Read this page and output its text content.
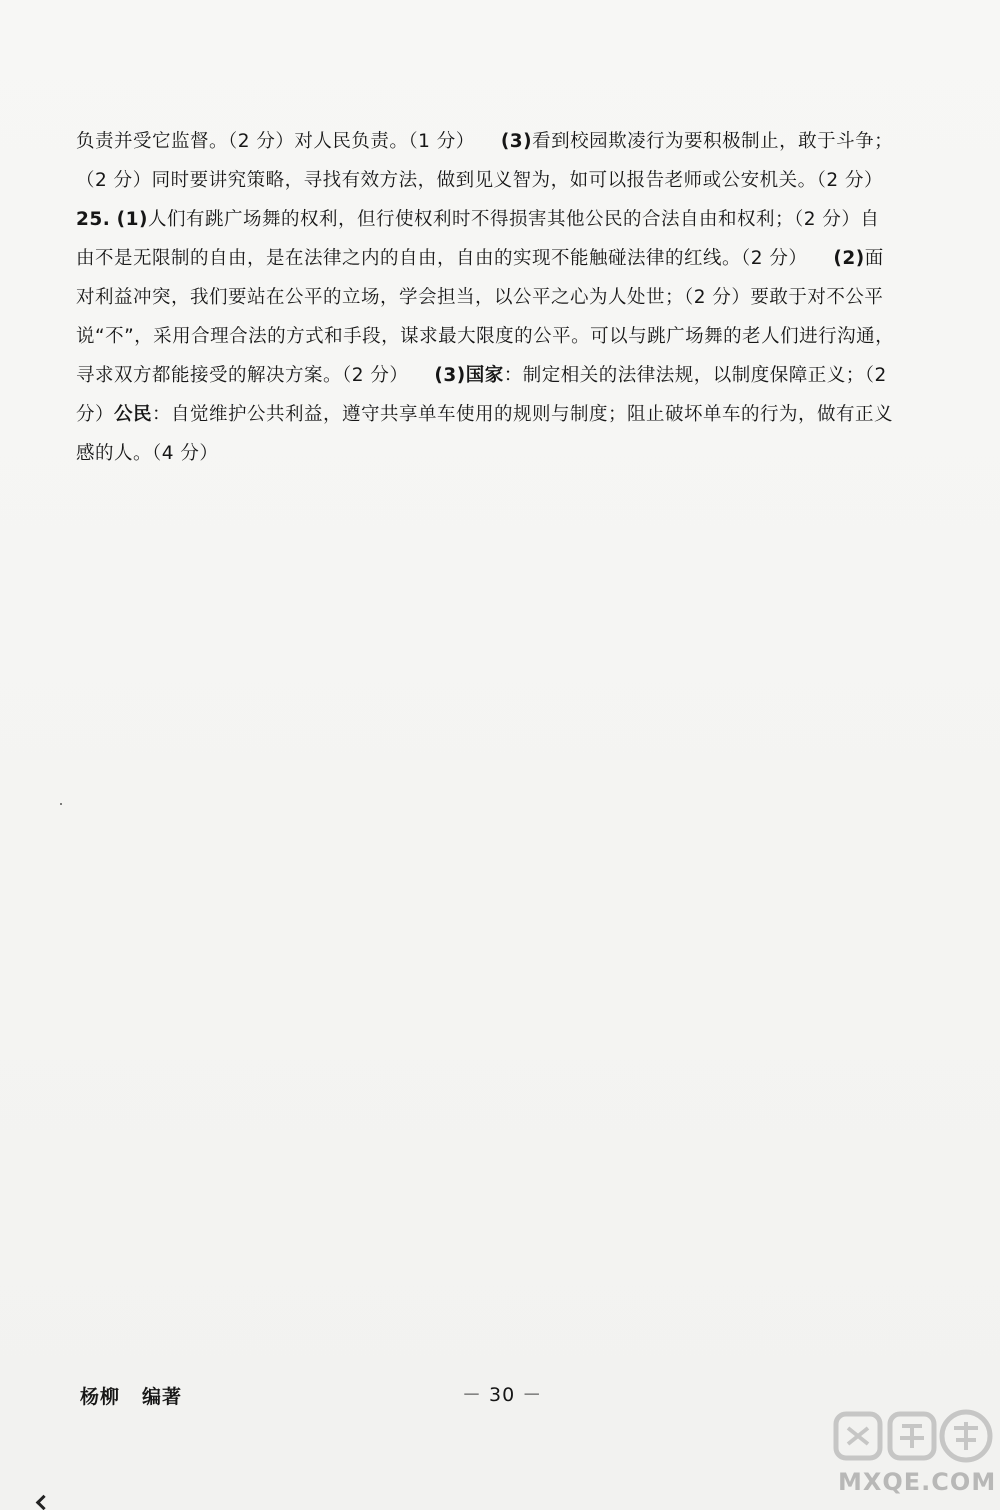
负责并受它监督。（2 分）对人民负责。（1 分） (3)看到校园欺凌行为要积极制止，敢于斗争；（2 分）同时要讲究策略，寻找有效方法，做到见义智为，如可以报告老师或公安机关。（2 分）

25. (1)人们有跳广场舞的权利，但行使权利时不得损害其他公民的合法自由和权利；（2 分）自由不是无限制的自由，是在法律之内的自由，自由的实现不能触碰法律的红线。（2 分） (2)面对利益冲突，我们要站在公平的立场，学会担当，以公平之心为人处世；（2 分）要敢于对不公平说“不”，采用合理合法的方式和手段，谋求最大限度的公平。可以与跳广场舞的老人们进行沟通，寻求双方都能接受的解决方案。（2 分） (3)国家：制定相关的法律法规，以制度保障正义；（2 分）公民：自觉维护公共利益，遵守共享单车使用的规则与制度；阻止破坏单车的行为，做有正义感的人。（4 分）

杨柳 编著	－ 30 －
MXQE.COM
